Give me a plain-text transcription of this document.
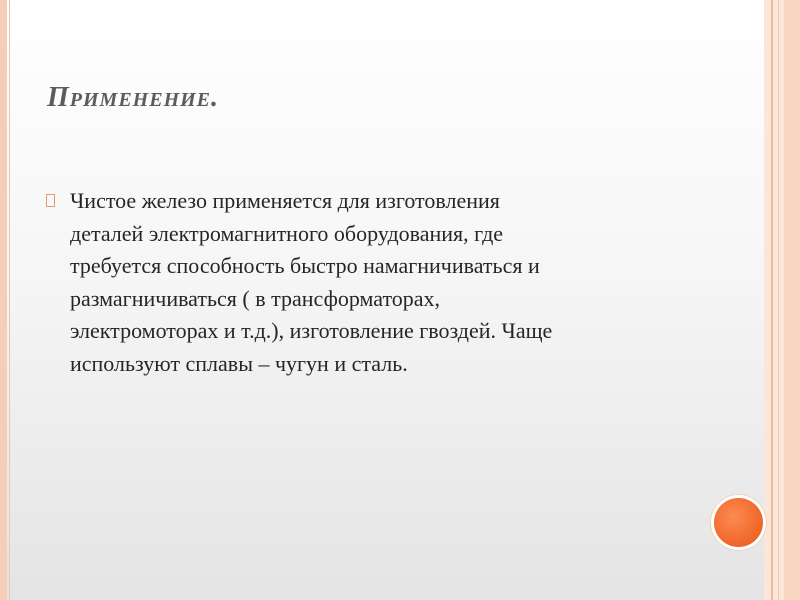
Применение.
Чистое железо применяется для изготовления
деталей электромагнитного оборудования, где
требуется способность быстро намагничиваться и
размагничиваться ( в трансформаторах,
электромоторах и т.д.), изготовление гвоздей. Чаще
используют сплавы – чугун и сталь.
